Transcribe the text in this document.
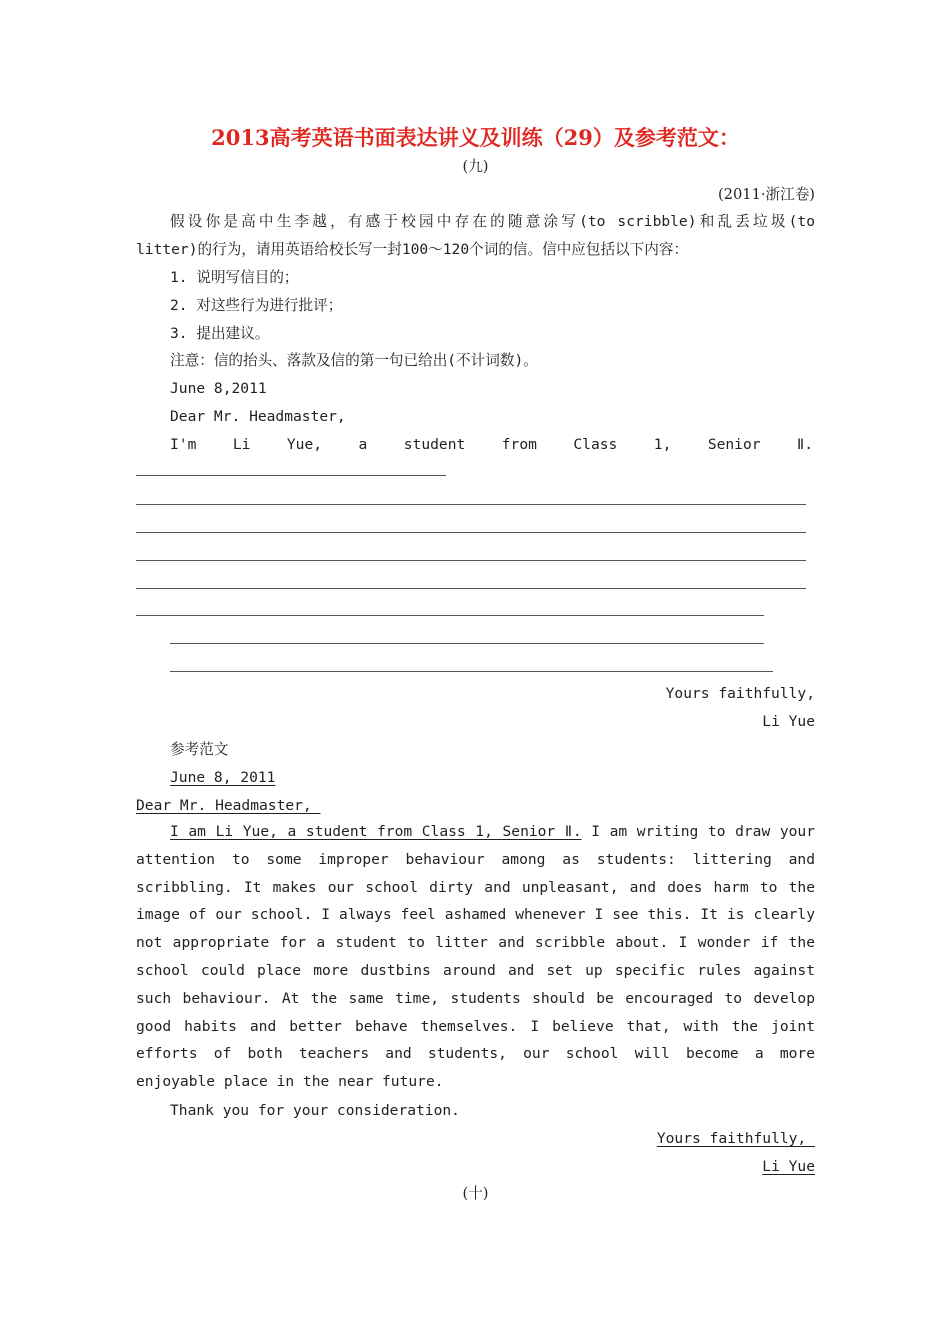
2013高考英语书面表达讲义及训练（29）及参考范文：
(九)
(2011·浙江卷)
假设你是高中生李越，有感于校园中存在的随意涂写(to scribble)和乱丢垃圾(to
litter)的行为，请用英语给校长写一封100～120个词的信。信中应包括以下内容：
1. 说明写信目的；
2. 对这些行为进行批评；
3. 提出建议。
注意：信的抬头、落款及信的第一句已给出(不计词数)。
June 8,2011
Dear Mr. Headmaster,
I'm Li Yue, a student from Class 1, Senior Ⅱ.
Yours faithfully,
Li Yue
参考范文
June 8, 2011
Dear Mr. Headmaster,
I am Li Yue, a student from Class 1, Senior Ⅱ. I am writing to draw your attention to some improper behaviour among as students: littering and scribbling. It makes our school dirty and unpleasant, and does harm to the image of our school. I always feel ashamed whenever I see this. It is clearly not appropriate for a student to litter and scribble about. I wonder if the school could place more dustbins around and set up specific rules against such behaviour. At the same time, students should be encouraged to develop good habits and better behave themselves. I believe that, with the joint efforts of both teachers and students, our school will become a more enjoyable place in the near future.
Thank you for your consideration.
Yours faithfully,
Li Yue
(十)
